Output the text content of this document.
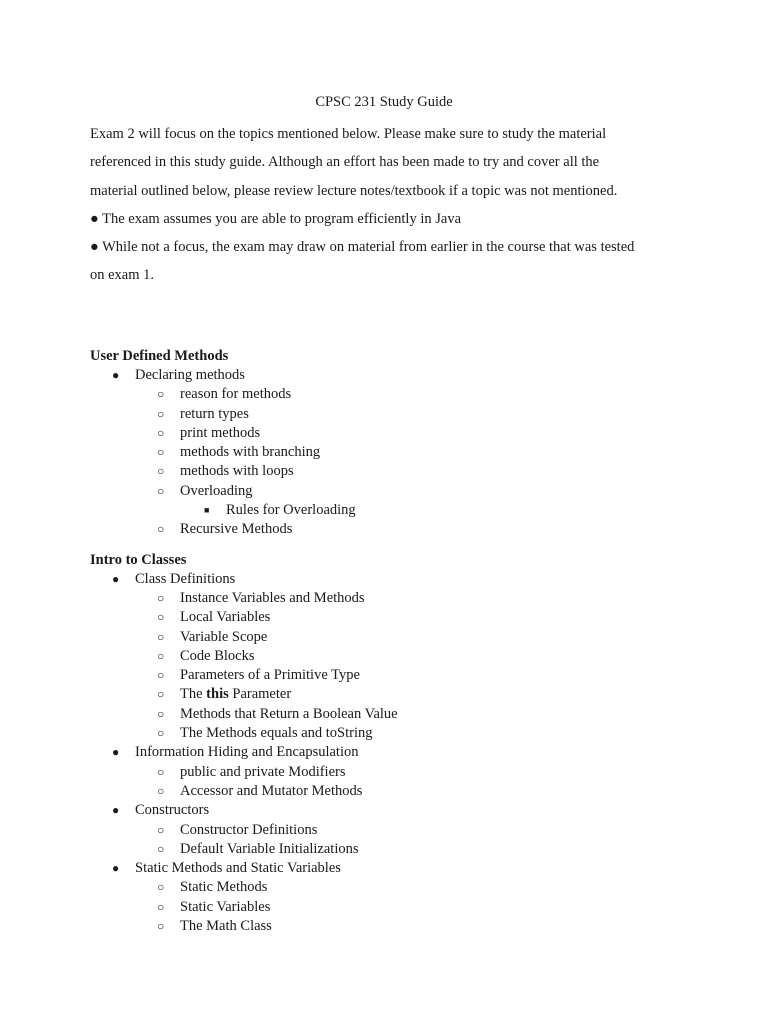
CPSC 231 Study Guide

Exam 2 will focus on the topics mentioned below. Please make sure to study the material referenced in this study guide. Although an effort has been made to try and cover all the material outlined below, please review lecture notes/textbook if a topic was not mentioned.

● The exam assumes you are able to program efficiently in Java

● While not a focus, the exam may draw on material from earlier in the course that was tested on exam 1.

User Defined Methods
● Declaring methods
○ reason for methods
○ return types
○ print methods
○ methods with branching
○ methods with loops
○ Overloading
■ Rules for Overloading
○ Recursive Methods
Intro to Classes
● Class Definitions
○ Instance Variables and Methods
○ Local Variables
○ Variable Scope
○ Code Blocks
○ Parameters of a Primitive Type
○ The this Parameter
○ Methods that Return a Boolean Value
○ The Methods equals and toString
● Information Hiding and Encapsulation
○ public and private Modifiers
○ Accessor and Mutator Methods
● Constructors
○ Constructor Definitions
○ Default Variable Initializations
● Static Methods and Static Variables
○ Static Methods
○ Static Variables
○ The Math Class
